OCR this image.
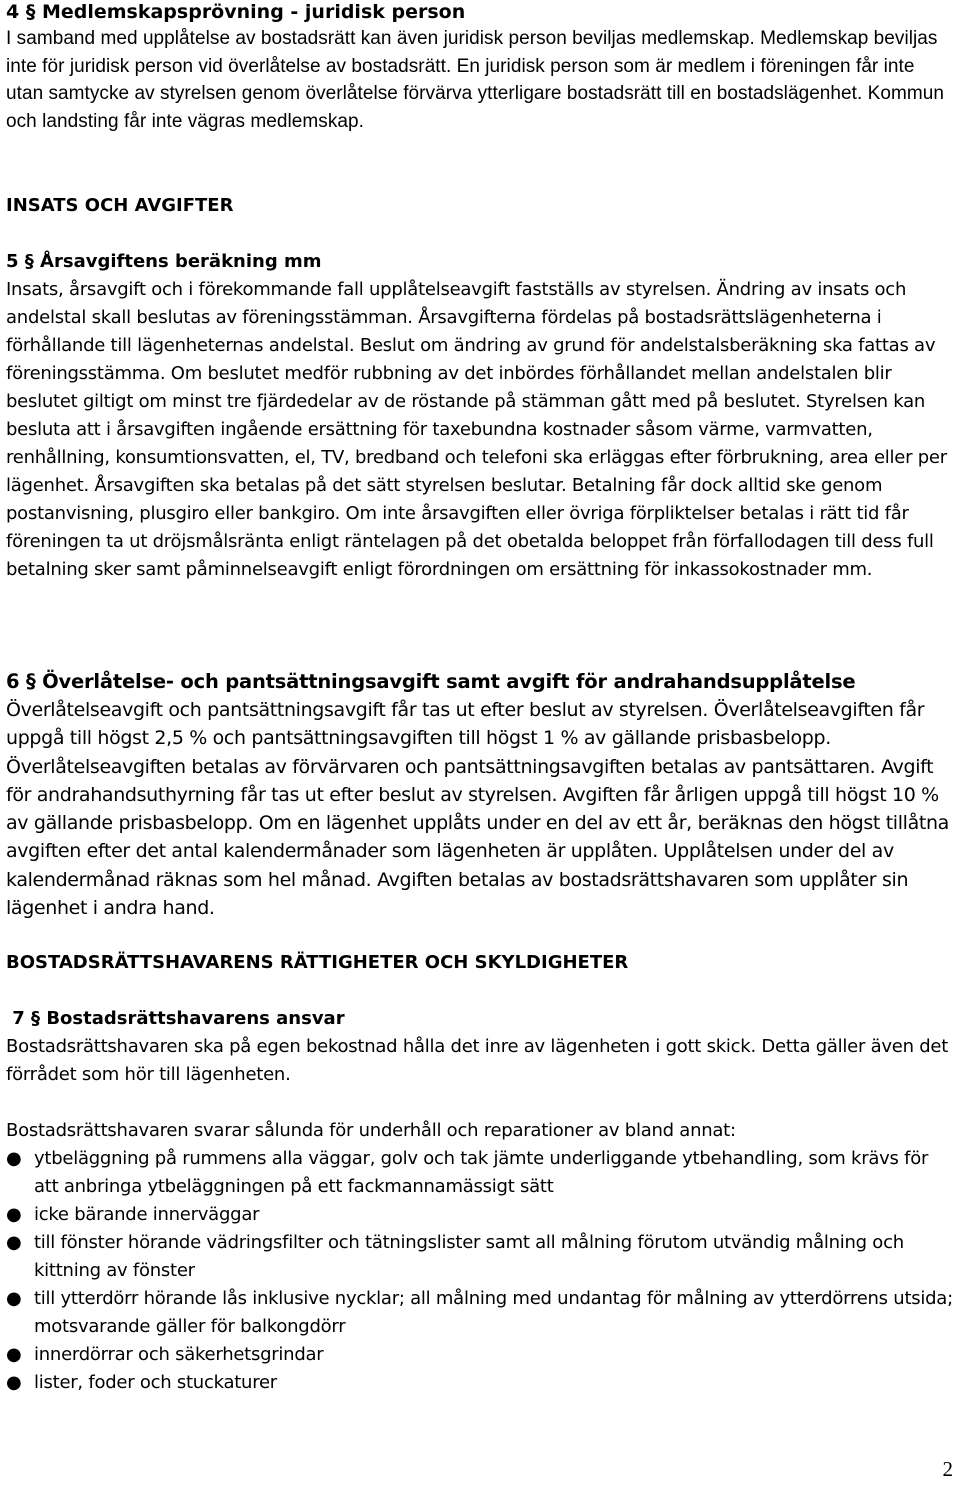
4 § Medlemskapsprövning - juridisk person

I samband med upplåtelse av bostadsrätt kan även juridisk person beviljas medlemskap. Medlemskap beviljas inte för juridisk person vid överlåtelse av bostadsrätt. En juridisk person som är medlem i föreningen får inte utan samtycke av styrelsen genom överlåtelse förvärva ytterligare bostadsrätt till en bostadslägenhet. Kommun och landsting får inte vägras medlemskap.

INSATS OCH AVGIFTER

5 § Årsavgiftens beräkning mm

Insats, årsavgift och i förekommande fall upplåtelseavgift fastställs av styrelsen. Ändring av insats och andelstal skall beslutas av föreningsstämman. Årsavgifterna fördelas på bostadsrättslägenheterna i förhållande till lägenheternas andelstal. Beslut om ändring av grund för andelstalsberäkning ska fattas av föreningsstämma. Om beslutet medför rubbning av det inbördes förhållandet mellan andelstalen blir beslutet giltigt om minst tre fjärdedelar av de röstande på stämman gått med på beslutet. Styrelsen kan besluta att i årsavgiften ingående ersättning för taxebundna kostnader såsom värme, varmvatten, renhållning, konsumtionsvatten, el, TV, bredband och telefoni ska erläggas efter förbrukning, area eller per lägenhet. Årsavgiften ska betalas på det sätt styrelsen beslutar. Betalning får dock alltid ske genom postanvisning, plusgiro eller bankgiro. Om inte årsavgiften eller övriga förpliktelser betalas i rätt tid får föreningen ta ut dröjsmålsränta enligt räntelagen på det obetalda beloppet från förfallodagen till dess full betalning sker samt påminnelseavgift enligt förordningen om ersättning för inkassokostnader mm.

6 § Överlåtelse- och pantsättningsavgift samt avgift för andrahandsupplåtelse

Överlåtelseavgift och pantsättningsavgift får tas ut efter beslut av styrelsen. Överlåtelseavgiften får uppgå till högst 2,5 % och pantsättningsavgiften till högst 1 % av gällande prisbasbelopp. Överlåtelseavgiften betalas av förvärvaren och pantsättningsavgiften betalas av pantsättaren. Avgift för andrahandsuthyrning får tas ut efter beslut av styrelsen. Avgiften får årligen uppgå till högst 10 % av gällande prisbasbelopp. Om en lägenhet upplåts under en del av ett år, beräknas den högst tillåtna avgiften efter det antal kalendermånader som lägenheten är upplåten. Upplåtelsen under del av kalendermånad räknas som hel månad. Avgiften betalas av bostadsrättshavaren som upplåter sin lägenhet i andra hand.

BOSTADSRÄTTSHAVARENS RÄTTIGHETER OCH SKYLDIGHETER

7 § Bostadsrättshavarens ansvar

Bostadsrättshavaren ska på egen bekostnad hålla det inre av lägenheten i gott skick. Detta gäller även det förrådet som hör till lägenheten.

Bostadsrättshavaren svarar sålunda för underhåll och reparationer av bland annat:

● ytbeläggning på rummens alla väggar, golv och tak jämte underliggande ytbehandling, som krävs för att anbringa ytbeläggningen på ett fackmannamässigt sätt
● icke bärande innerväggar
● till fönster hörande vädringsfilter och tätningslister samt all målning förutom utvändig målning och kittning av fönster
● till ytterdörr hörande lås inklusive nycklar; all målning med undantag för målning av ytterdörrens utsida; motsvarande gäller för balkongdörr
● innerdörrar och säkerhetsgrindar
● lister, foder och stuckaturer
2
